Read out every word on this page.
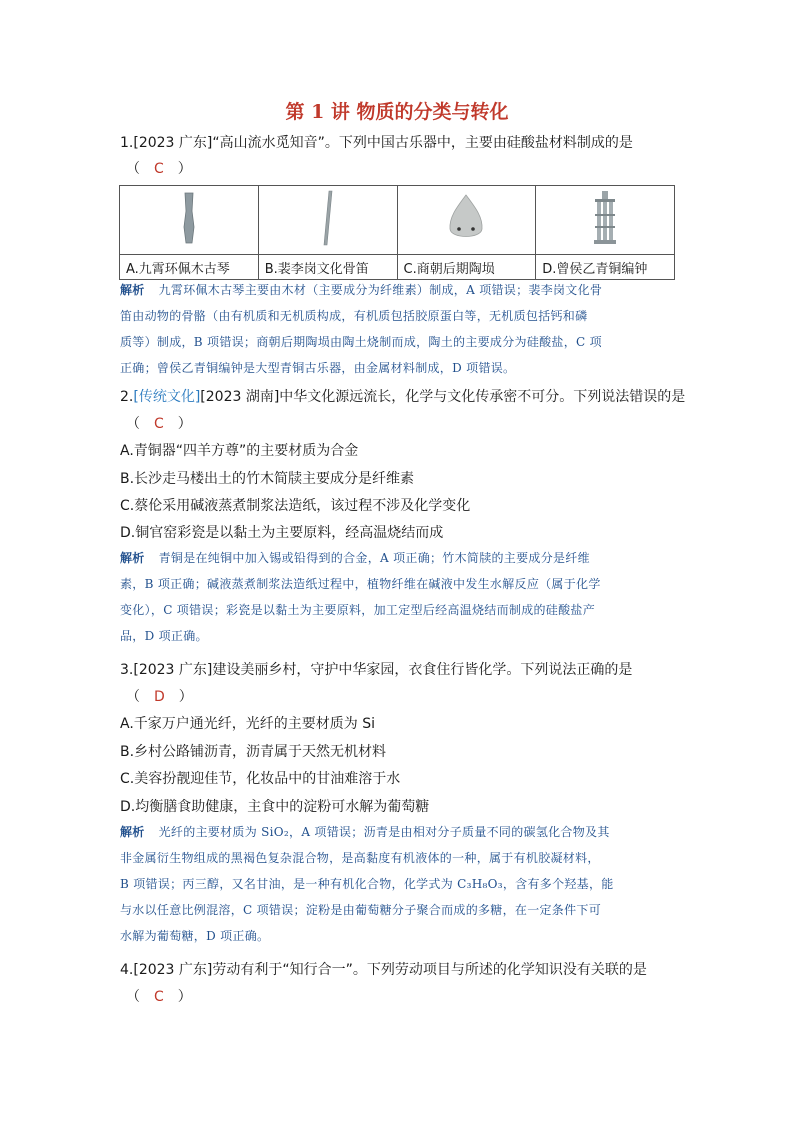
第 1 讲 物质的分类与转化
1.[2023 广东]“高山流水觅知音”。下列中国古乐器中，主要由硅酸盐材料制成的是
（ C ）

A.九霄环佩木古琴	B.裴李岗文化骨笛	C.商朝后期陶埙	D.曾侯乙青铜编钟
解析 九霄环佩木古琴主要由木材（主要成分为纤维素）制成，A 项错误；裴李岗文化骨
笛由动物的骨骼（由有机质和无机质构成，有机质包括胶原蛋白等，无机质包括钙和磷
质等）制成，B 项错误；商朝后期陶埙由陶土烧制而成，陶土的主要成分为硅酸盐，C 项
正确；曾侯乙青铜编钟是大型青铜古乐器，由金属材料制成，D 项错误。
2.[传统文化][2023 湖南]中华文化源远流长，化学与文化传承密不可分。下列说法错误的是
（ C ）
A.青铜器“四羊方尊”的主要材质为合金
B.长沙走马楼出土的竹木简牍主要成分是纤维素
C.蔡伦采用碱液蒸煮制浆法造纸，该过程不涉及化学变化
D.铜官窑彩瓷是以黏土为主要原料，经高温烧结而成
解析 青铜是在纯铜中加入锡或铅得到的合金，A 项正确；竹木简牍的主要成分是纤维
素，B 项正确；碱液蒸煮制浆法造纸过程中，植物纤维在碱液中发生水解反应（属于化学
变化），C 项错误；彩瓷是以黏土为主要原料，加工定型后经高温烧结而制成的硅酸盐产
品，D 项正确。
3.[2023 广东]建设美丽乡村，守护中华家园，衣食住行皆化学。下列说法正确的是
（ D ）
A.千家万户通光纤，光纤的主要材质为 Si
B.乡村公路铺沥青，沥青属于天然无机材料
C.美容扮靓迎佳节，化妆品中的甘油难溶于水
D.均衡膳食助健康，主食中的淀粉可水解为葡萄糖
解析 光纤的主要材质为 SiO₂，A 项错误；沥青是由相对分子质量不同的碳氢化合物及其
非金属衍生物组成的黑褐色复杂混合物，是高黏度有机液体的一种，属于有机胶凝材料，
B 项错误；丙三醇，又名甘油，是一种有机化合物，化学式为 C₃H₈O₃，含有多个羟基，能
与水以任意比例混溶，C 项错误；淀粉是由葡萄糖分子聚合而成的多糖，在一定条件下可
水解为葡萄糖，D 项正确。
4.[2023 广东]劳动有利于“知行合一”。下列劳动项目与所述的化学知识没有关联的是
（ C ）
